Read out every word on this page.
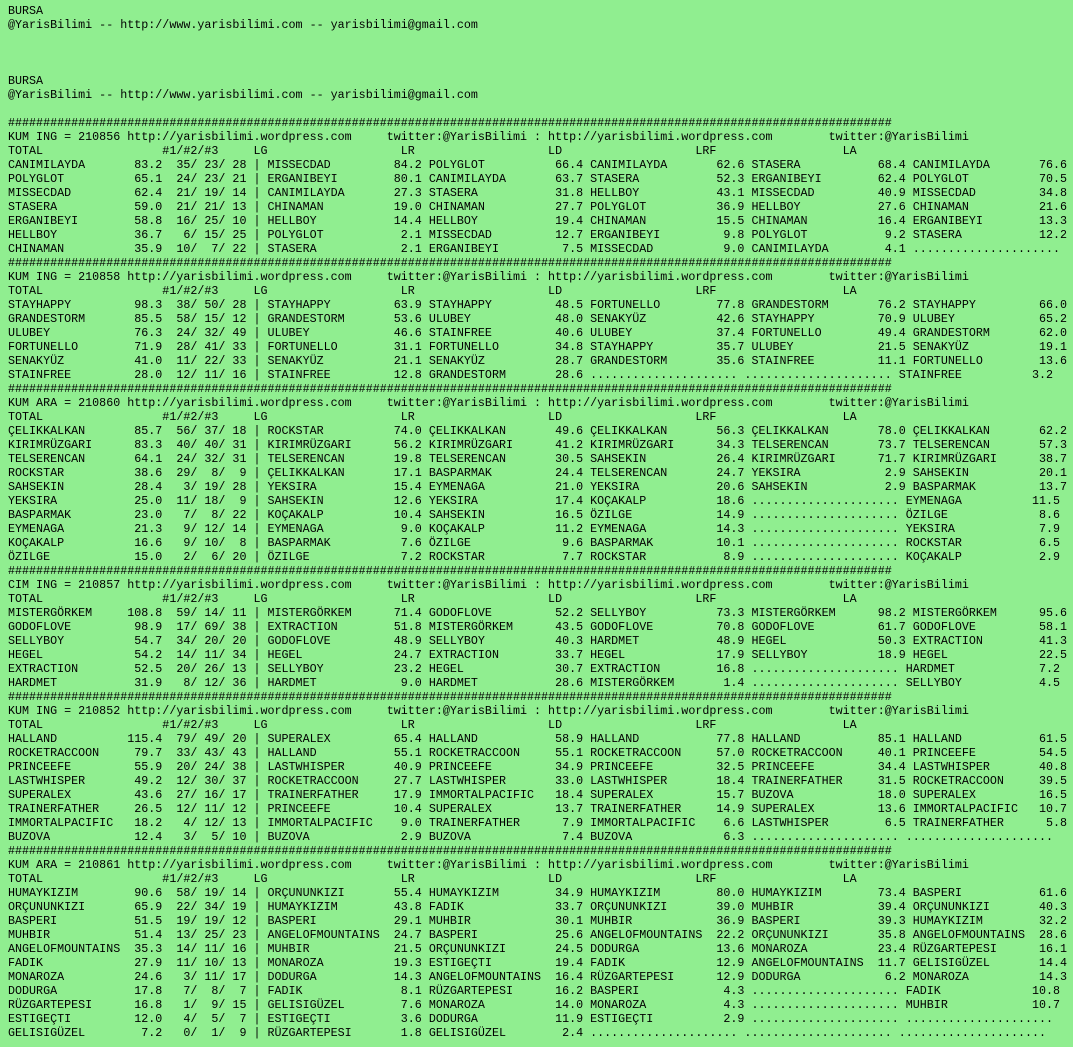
BURSA
@YarisBilimi -- http://www.yarisbilimi.com -- yarisbilimi@gmail.com
BURSA
@YarisBilimi -- http://www.yarisbilimi.com -- yarisbilimi@gmail.com
##############################################################################################################################
KUM ING = 210856 http://yarisbilimi.wordpress.com     twitter:@YarisBilimi : http://yarisbilimi.wordpress.com        twitter:@YarisBilimi
TOTAL                 #1/#2/#3     LG                   LR                   LD                   LRF                  LA
CANIMILAYDA       83.2  35/ 23/ 28 | MISSECDAD         84.2 POLYGLOT          66.4 CANIMILAYDA       62.6 STASERA           68.4 CANIMILAYDA       76.6
POLYGLOT          65.1  24/ 23/ 21 | ERGANIBEYI        80.1 CANIMILAYDA       63.7 STASERA           52.3 ERGANIBEYI        62.4 POLYGLOT          70.5
MISSECDAD         62.4  21/ 19/ 14 | CANIMILAYDA       27.3 STASERA           31.8 HELLBOY           43.1 MISSECDAD         40.9 MISSECDAD         34.8
STASERA           59.0  21/ 21/ 13 | CHINAMAN          19.0 CHINAMAN          27.7 POLYGLOT          36.9 HELLBOY           27.6 CHINAMAN          21.6
ERGANIBEYI        58.8  16/ 25/ 10 | HELLBOY           14.4 HELLBOY           19.4 CHINAMAN          15.5 CHINAMAN          16.4 ERGANIBEYI        13.3
HELLBOY           36.7   6/ 15/ 25 | POLYGLOT           2.1 MISSECDAD         12.7 ERGANIBEYI         9.8 POLYGLOT           9.2 STASERA           12.2
CHINAMAN          35.9  10/  7/ 22 | STASERA            2.1 ERGANIBEYI         7.5 MISSECDAD          9.0 CANIMILAYDA        4.1 .....................
##############################################################################################################################
KUM ING = 210858 http://yarisbilimi.wordpress.com     twitter:@YarisBilimi : http://yarisbilimi.wordpress.com        twitter:@YarisBilimi
TOTAL                 #1/#2/#3     LG                   LR                   LD                   LRF                  LA
STAYHAPPY         98.3  38/ 50/ 28 | STAYHAPPY         63.9 STAYHAPPY         48.5 FORTUNELLO        77.8 GRANDESTORM       76.2 STAYHAPPY         66.0
GRANDESTORM       85.5  58/ 15/ 12 | GRANDESTORM       53.6 ULUBEY            48.0 SENAKYÜZ          42.6 STAYHAPPY         70.9 ULUBEY            65.2
ULUBEY            76.3  24/ 32/ 49 | ULUBEY            46.6 STAINFREE         40.6 ULUBEY            37.4 FORTUNELLO        49.4 GRANDESTORM       62.0
FORTUNELLO        71.9  28/ 41/ 33 | FORTUNELLO        31.1 FORTUNELLO        34.8 STAYHAPPY         35.7 ULUBEY            21.5 SENAKYÜZ          19.1
SENAKYÜZ          41.0  11/ 22/ 33 | SENAKYÜZ          21.1 SENAKYÜZ          28.7 GRANDESTORM       35.6 STAINFREE         11.1 FORTUNELLO        13.6
STAINFREE         28.0  12/ 11/ 16 | STAINFREE         12.8 GRANDESTORM       28.6 ..................... ..................... STAINFREE          3.2
##############################################################################################################################
KUM ARA = 210860 http://yarisbilimi.wordpress.com     twitter:@YarisBilimi : http://yarisbilimi.wordpress.com        twitter:@YarisBilimi
TOTAL                 #1/#2/#3     LG                   LR                   LD                   LRF                  LA
ÇELIKKALKAN       85.7  56/ 37/ 18 | ROCKSTAR          74.0 ÇELIKKALKAN       49.6 ÇELIKKALKAN       56.3 ÇELIKKALKAN       78.0 ÇELIKKALKAN       62.2
KIRIMRÜZGARI      83.3  40/ 40/ 31 | KIRIMRÜZGARI      56.2 KIRIMRÜZGARI      41.2 KIRIMRÜZGARI      34.3 TELSERENCAN       73.7 TELSERENCAN       57.3
TELSERENCAN       64.1  24/ 32/ 31 | TELSERENCAN       19.8 TELSERENCAN       30.5 SAHSEKIN          26.4 KIRIMRÜZGARI      71.7 KIRIMRÜZGARI      38.7
ROCKSTAR          38.6  29/  8/  9 | ÇELIKKALKAN       17.1 BASPARMAK         24.4 TELSERENCAN       24.7 YEKSIRA            2.9 SAHSEKIN          20.1
SAHSEKIN          28.4   3/ 19/ 28 | YEKSIRA           15.4 EYMENAGA          21.0 YEKSIRA           20.6 SAHSEKIN           2.9 BASPARMAK         13.7
YEKSIRA           25.0  11/ 18/  9 | SAHSEKIN          12.6 YEKSIRA           17.4 KOÇAKALP          18.6 ..................... EYMENAGA          11.5
BASPARMAK         23.0   7/  8/ 22 | KOÇAKALP          10.4 SAHSEKIN          16.5 ÖZILGE            14.9 ..................... ÖZILGE             8.6
EYMENAGA          21.3   9/ 12/ 14 | EYMENAGA           9.0 KOÇAKALP          11.2 EYMENAGA          14.3 ..................... YEKSIRA            7.9
KOÇAKALP          16.6   9/ 10/  8 | BASPARMAK          7.6 ÖZILGE             9.6 BASPARMAK         10.1 ..................... ROCKSTAR           6.5
ÖZILGE            15.0   2/  6/ 20 | ÖZILGE             7.2 ROCKSTAR           7.7 ROCKSTAR           8.9 ..................... KOÇAKALP           2.9
##############################################################################################################################
CIM ING = 210857 http://yarisbilimi.wordpress.com     twitter:@YarisBilimi : http://yarisbilimi.wordpress.com        twitter:@YarisBilimi
TOTAL                 #1/#2/#3     LG                   LR                   LD                   LRF                  LA
MISTERGÖRKEM     108.8  59/ 14/ 11 | MISTERGÖRKEM      71.4 GODOFLOVE         52.2 SELLYBOY          73.3 MISTERGÖRKEM      98.2 MISTERGÖRKEM      95.6
GODOFLOVE         98.9  17/ 69/ 38 | EXTRACTION        51.8 MISTERGÖRKEM      43.5 GODOFLOVE         70.8 GODOFLOVE         61.7 GODOFLOVE         58.1
SELLYBOY          54.7  34/ 20/ 20 | GODOFLOVE         48.9 SELLYBOY          40.3 HARDMET           48.9 HEGEL             50.3 EXTRACTION        41.3
HEGEL             54.2  14/ 11/ 34 | HEGEL             24.7 EXTRACTION        33.7 HEGEL             17.9 SELLYBOY          18.9 HEGEL             22.5
EXTRACTION        52.5  20/ 26/ 13 | SELLYBOY          23.2 HEGEL             30.7 EXTRACTION        16.8 ..................... HARDMET            7.2
HARDMET           31.9   8/ 12/ 36 | HARDMET            9.0 HARDMET           28.6 MISTERGÖRKEM       1.4 ..................... SELLYBOY           4.5
##############################################################################################################################
KUM ING = 210852 http://yarisbilimi.wordpress.com     twitter:@YarisBilimi : http://yarisbilimi.wordpress.com        twitter:@YarisBilimi
TOTAL                 #1/#2/#3     LG                   LR                   LD                   LRF                  LA
HALLAND          115.4  79/ 49/ 20 | SUPERALEX         65.4 HALLAND           58.9 HALLAND           77.8 HALLAND           85.1 HALLAND           61.5
ROCKETRACCOON     79.7  33/ 43/ 43 | HALLAND           55.1 ROCKETRACCOON     55.1 ROCKETRACCOON     57.0 ROCKETRACCOON     40.1 PRINCEEFE         54.5
PRINCEEFE         55.9  20/ 24/ 38 | LASTWHISPER       40.9 PRINCEEFE         34.9 PRINCEEFE         32.5 PRINCEEFE         34.4 LASTWHISPER       40.8
LASTWHISPER       49.2  12/ 30/ 37 | ROCKETRACCOON     27.7 LASTWHISPER       33.0 LASTWHISPER       18.4 TRAINERFATHER     31.5 ROCKETRACCOON     39.5
SUPERALEX         43.6  27/ 16/ 17 | TRAINERFATHER     17.9 IMMORTALPACIFIC   18.4 SUPERALEX         15.7 BUZOVA            18.0 SUPERALEX         16.5
TRAINERFATHER     26.5  12/ 11/ 12 | PRINCEEFE         10.4 SUPERALEX         13.7 TRAINERFATHER     14.9 SUPERALEX         13.6 IMMORTALPACIFIC   10.7
IMMORTALPACIFIC   18.2   4/ 12/ 13 | IMMORTALPACIFIC    9.0 TRAINERFATHER      7.9 IMMORTALPACIFIC    6.6 LASTWHISPER        6.5 TRAINERFATHER      5.8
BUZOVA            12.4   3/  5/ 10 | BUZOVA             2.9 BUZOVA             7.4 BUZOVA             6.3 ..................... .....................
##############################################################################################################################
KUM ARA = 210861 http://yarisbilimi.wordpress.com     twitter:@YarisBilimi : http://yarisbilimi.wordpress.com        twitter:@YarisBilimi
TOTAL                 #1/#2/#3     LG                   LR                   LD                   LRF                  LA
HUMAYKIZIM        90.6  58/ 19/ 14 | ORÇUNUNKIZI       55.4 HUMAYKIZIM        34.9 HUMAYKIZIM        80.0 HUMAYKIZIM        73.4 BASPERI           61.6
ORÇUNUNKIZI       65.9  22/ 34/ 19 | HUMAYKIZIM        43.8 FADIK             33.7 ORÇUNUNKIZI       39.0 MUHBIR            39.4 ORÇUNUNKIZI       40.3
BASPERI           51.5  19/ 19/ 12 | BASPERI           29.1 MUHBIR            30.1 MUHBIR            36.9 BASPERI           39.3 HUMAYKIZIM        32.2
MUHBIR            51.4  13/ 25/ 23 | ANGELOFMOUNTAINS  24.7 BASPERI           25.6 ANGELOFMOUNTAINS  22.2 ORÇUNUNKIZI       35.8 ANGELOFMOUNTAINS  28.6
ANGELOFMOUNTAINS  35.3  14/ 11/ 16 | MUHBIR            21.5 ORÇUNUNKIZI       24.5 DODURGA           13.6 MONAROZA          23.4 RÜZGARTEPESI      16.1
FADIK             27.9  11/ 10/ 13 | MONAROZA          19.3 ESTIGEÇTI         19.4 FADIK             12.9 ANGELOFMOUNTAINS  11.7 GELISIGÜZEL       14.4
MONAROZA          24.6   3/ 11/ 17 | DODURGA           14.3 ANGELOFMOUNTAINS  16.4 RÜZGARTEPESI      12.9 DODURGA            6.2 MONAROZA          14.3
DODURGA           17.8   7/  8/  7 | FADIK              8.1 RÜZGARTEPESI      16.2 BASPERI            4.3 ..................... FADIK             10.8
RÜZGARTEPESI      16.8   1/  9/ 15 | GELISIGÜZEL        7.6 MONAROZA          14.0 MONAROZA           4.3 ..................... MUHBIR            10.7
ESTIGEÇTI         12.0   4/  5/  7 | ESTIGEÇTI          3.6 DODURGA           11.9 ESTIGEÇTI          2.9 ..................... .....................
GELISIGÜZEL        7.2   0/  1/  9 | RÜZGARTEPESI       1.8 GELISIGÜZEL        2.4 ..................... ..................... .....................
